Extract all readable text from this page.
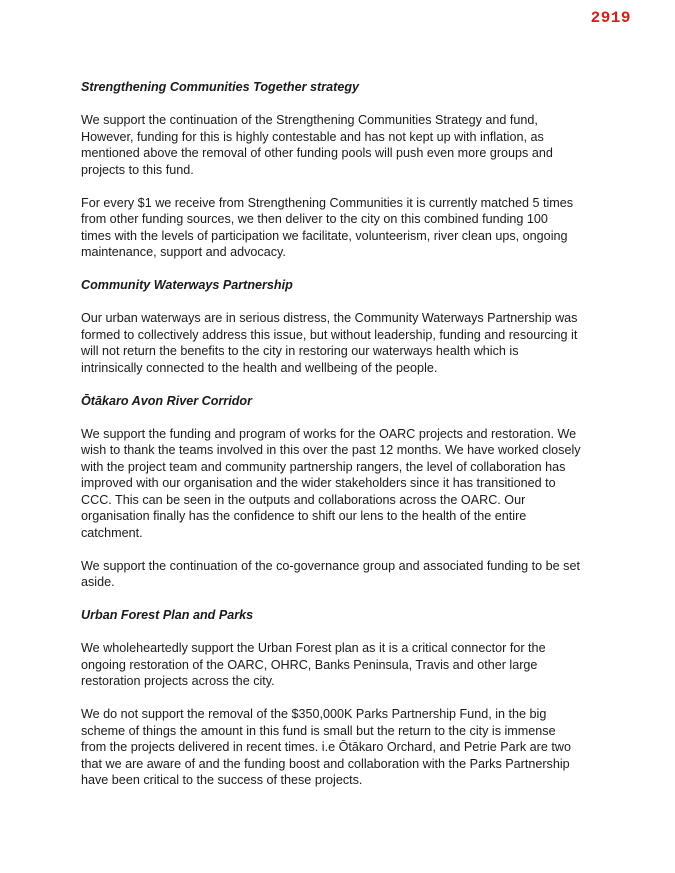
2919

Strengthening Communities Together strategy

We support the continuation of the Strengthening Communities Strategy and fund, However, funding for this is highly contestable and has not kept up with inflation, as mentioned above the removal of other funding pools will push even more groups and projects to this fund.

For every $1 we receive from Strengthening Communities it is currently matched 5 times from other funding sources, we then deliver to the city on this combined funding 100 times with the levels of participation we facilitate, volunteerism, river clean ups, ongoing maintenance, support and advocacy.

Community Waterways Partnership

Our urban waterways are in serious distress, the Community Waterways Partnership was formed to collectively address this issue, but without leadership, funding and resourcing it will not return the benefits to the city in restoring our waterways health which is intrinsically connected to the health and wellbeing of the people.

Ōtākaro Avon River Corridor

We support the funding and program of works for the OARC projects and restoration. We wish to thank the teams involved in this over the past 12 months. We have worked closely with the project team and community partnership rangers, the level of collaboration has improved with our organisation and the wider stakeholders since it has transitioned to CCC. This can be seen in the outputs and collaborations across the OARC. Our organisation finally has the confidence to shift our lens to the health of the entire catchment.

We support the continuation of the co-governance group and associated funding to be set aside.

Urban Forest Plan and Parks

We wholeheartedly support the Urban Forest plan as it is a critical connector for the ongoing restoration of the OARC, OHRC, Banks Peninsula, Travis and other large restoration projects across the city.

We do not support the removal of the $350,000K Parks Partnership Fund, in the big scheme of things the amount in this fund is small but the return to the city is immense from the projects delivered in recent times. i.e Ōtākaro Orchard, and Petrie Park are two that we are aware of and the funding boost and collaboration with the Parks Partnership have been critical to the success of these projects.
